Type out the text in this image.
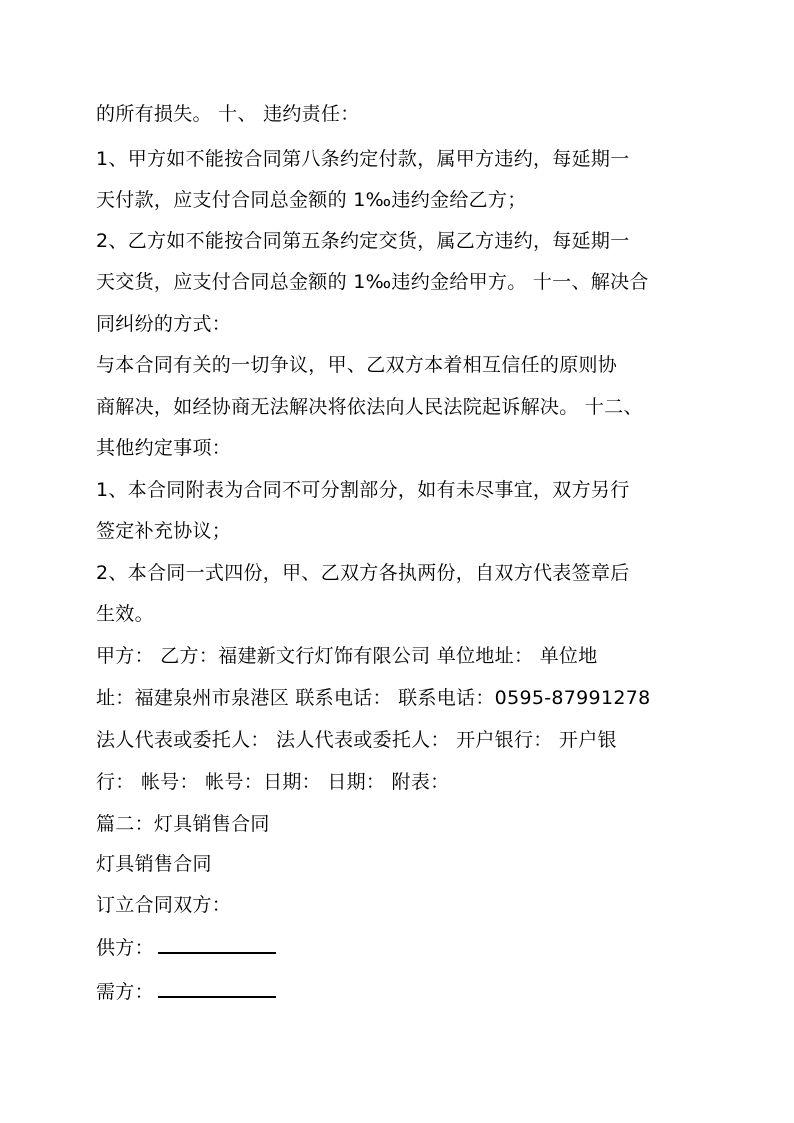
的所有损失。 十、 违约责任：
1、甲方如不能按合同第八条约定付款，属甲方违约，每延期一
天付款，应支付合同总金额的 1‰违约金给乙方；
2、乙方如不能按合同第五条约定交货，属乙方违约，每延期一
天交货，应支付合同总金额的 1‰违约金给甲方。 十一、解决合
同纠纷的方式：
与本合同有关的一切争议，甲、乙双方本着相互信任的原则协
商解决，如经协商无法解决将依法向人民法院起诉解决。 十二、
其他约定事项：
1、本合同附表为合同不可分割部分，如有未尽事宜，双方另行
签定补充协议；
2、本合同一式四份，甲、乙双方各执两份，自双方代表签章后
生效。
甲方： 乙方：福建新文行灯饰有限公司 单位地址： 单位地
址：福建泉州市泉港区 联系电话： 联系电话：0595-87991278
法人代表或委托人： 法人代表或委托人： 开户银行： 开户银
行： 帐号： 帐号：日期： 日期： 附表：
篇二：灯具销售合同
灯具销售合同
订立合同双方：
供方：
需方：
